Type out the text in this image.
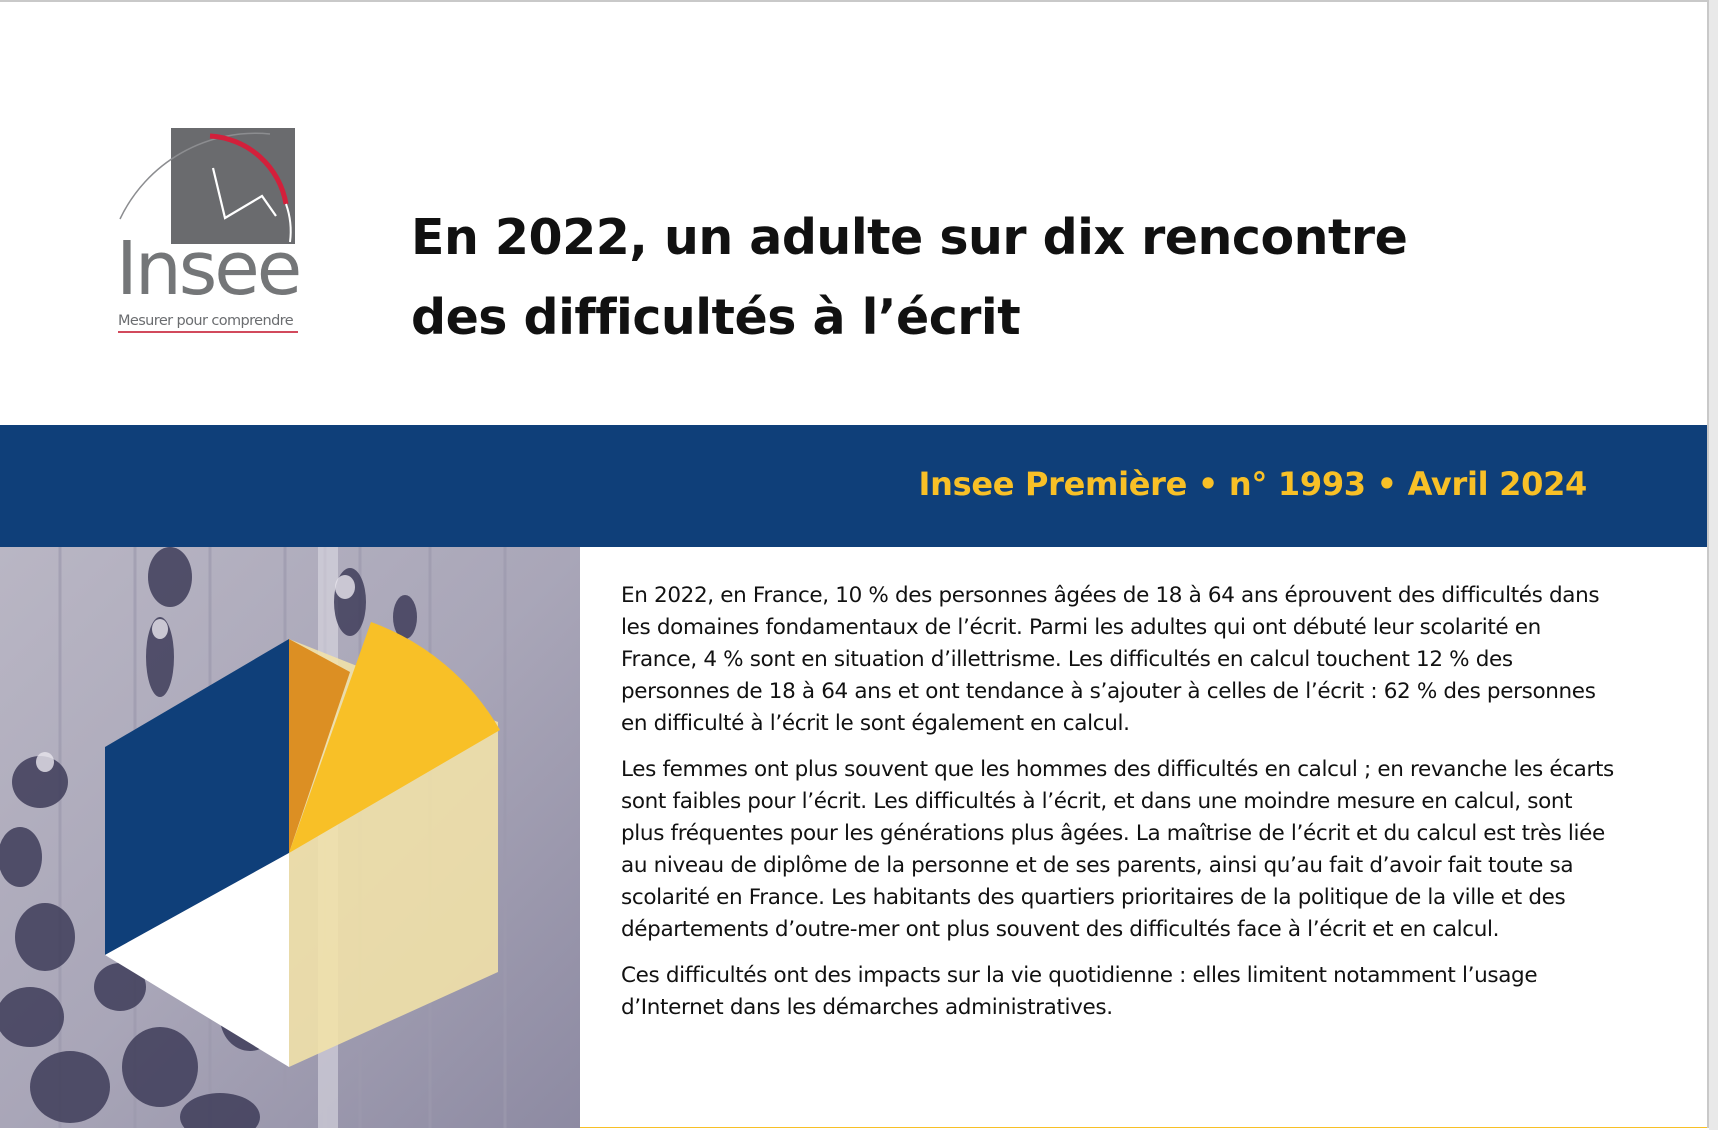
Insee
Mesurer pour comprendre
En 2022, un adulte sur dix rencontre
des difficultés à l’écrit
Insee Première • n° 1993 • Avril 2024

En 2022, en France, 10 % des personnes âgées de 18 à 64 ans éprouvent des difficultés dans les domaines fondamentaux de l’écrit. Parmi les adultes qui ont débuté leur scolarité en France, 4 % sont en situation d’illettrisme. Les difficultés en calcul touchent 12 % des personnes de 18 à 64 ans et ont tendance à s’ajouter à celles de l’écrit : 62 % des personnes en difficulté à l’écrit le sont également en calcul.

Les femmes ont plus souvent que les hommes des difficultés en calcul ; en revanche les écarts sont faibles pour l’écrit. Les difficultés à l’écrit, et dans une moindre mesure en calcul, sont plus fréquentes pour les générations plus âgées. La maîtrise de l’écrit et du calcul est très liée au niveau de diplôme de la personne et de ses parents, ainsi qu’au fait d’avoir fait toute sa scolarité en France. Les habitants des quartiers prioritaires de la politique de la ville et des départements d’outre-mer ont plus souvent des difficultés face à l’écrit et en calcul.

Ces difficultés ont des impacts sur la vie quotidienne : elles limitent notamment l’usage d’Internet dans les démarches administratives.
